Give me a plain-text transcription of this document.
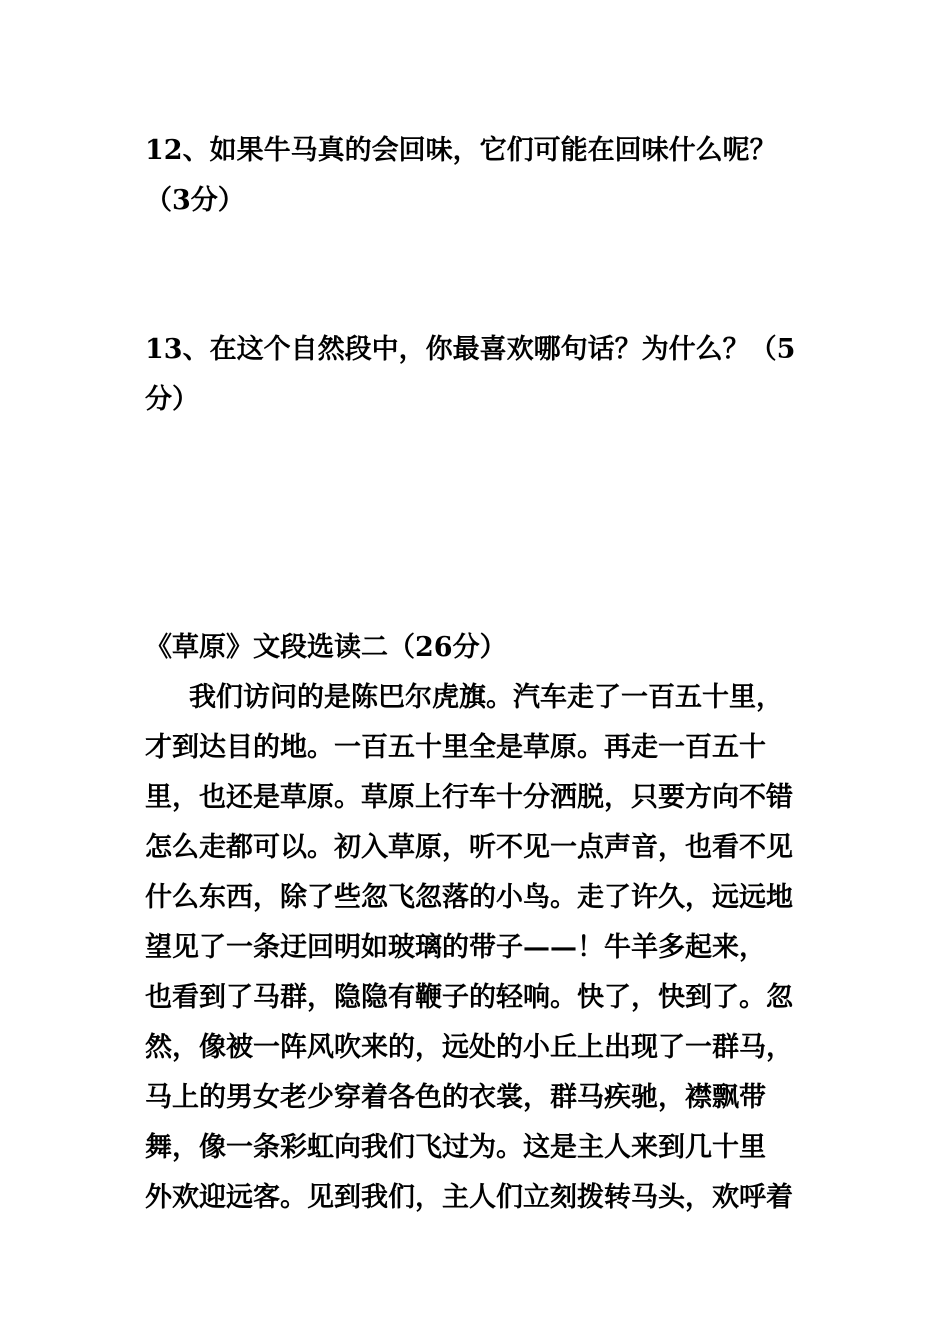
12、如果牛马真的会回味，它们可能在回味什么呢？
（3分）
13、在这个自然段中，你最喜欢哪句话？为什么？（5
分）
《草原》文段选读二（26分）
我们访问的是陈巴尔虎旗。汽车走了一百五十里，
才到达目的地。一百五十里全是草原。再走一百五十
里，也还是草原。草原上行车十分洒脱，只要方向不错
怎么走都可以。初入草原，听不见一点声音，也看不见
什么东西，除了些忽飞忽落的小鸟。走了许久，远远地
望见了一条迂回明如玻璃的带子——！牛羊多起来，
也看到了马群，隐隐有鞭子的轻响。快了，快到了。忽
然，像被一阵风吹来的，远处的小丘上出现了一群马，
马上的男女老少穿着各色的衣裳，群马疾驰，襟飘带
舞，像一条彩虹向我们飞过为。这是主人来到几十里
外欢迎远客。见到我们，主人们立刻拨转马头，欢呼着
